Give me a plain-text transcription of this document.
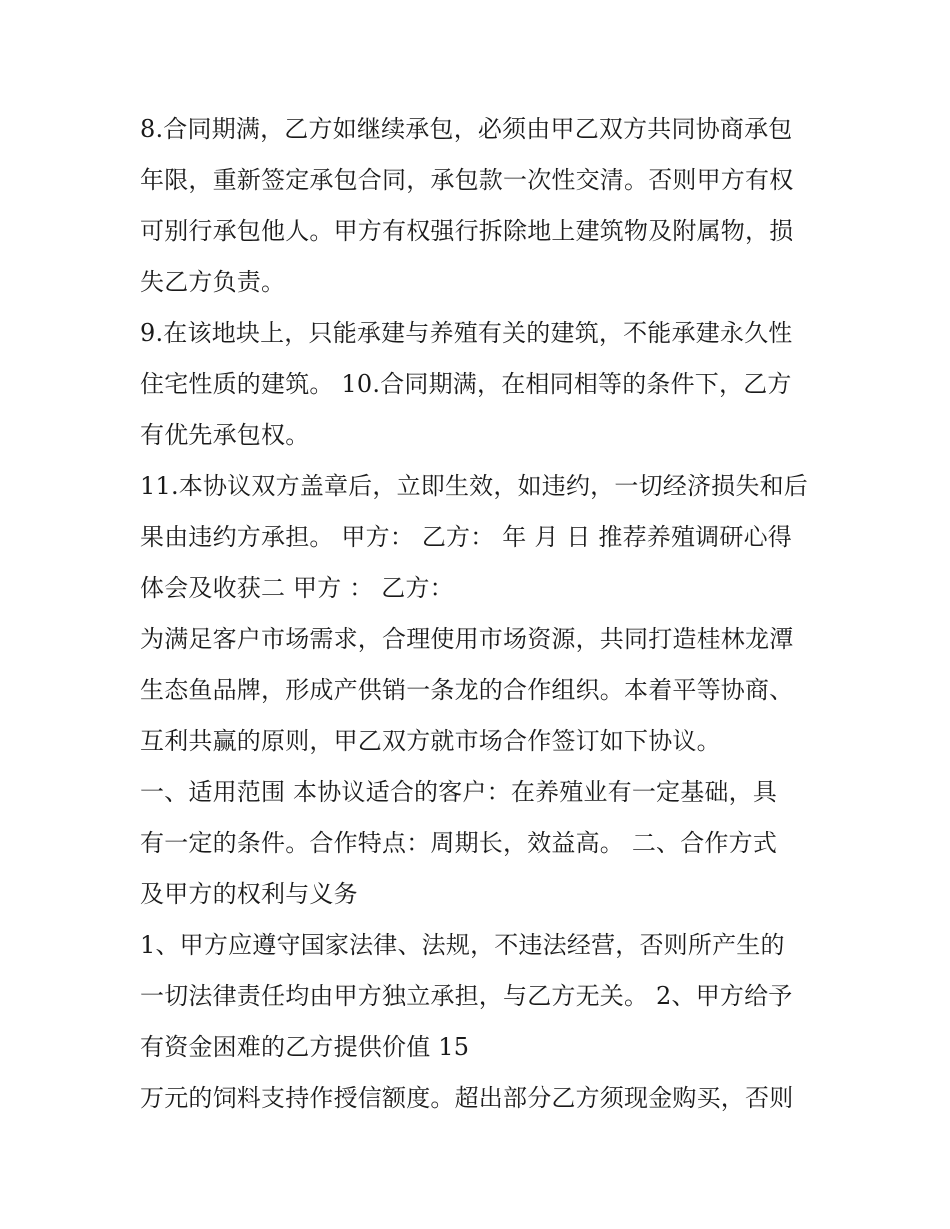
8.合同期满，乙方如继续承包，必须由甲乙双方共同协商承包
年限，重新签定承包合同，承包款一次性交清。否则甲方有权
可别行承包他人。甲方有权强行拆除地上建筑物及附属物，损
失乙方负责。
9.在该地块上，只能承建与养殖有关的建筑，不能承建永久性
住宅性质的建筑。 10.合同期满，在相同相等的条件下，乙方
有优先承包权。
11.本协议双方盖章后，立即生效，如违约，一切经济损失和后
果由违约方承担。 甲方： 乙方： 年 月 日 推荐养殖调研心得
体会及收获二 甲方 ： 乙方：
为满足客户市场需求，合理使用市场资源，共同打造桂林龙潭
生态鱼品牌，形成产供销一条龙的合作组织。本着平等协商、
互利共赢的原则，甲乙双方就市场合作签订如下协议。
一、适用范围 本协议适合的客户：在养殖业有一定基础，具
有一定的条件。合作特点：周期长，效益高。 二、合作方式
及甲方的权利与义务
1、甲方应遵守国家法律、法规，不违法经营，否则所产生的
一切法律责任均由甲方独立承担，与乙方无关。 2、甲方给予
有资金困难的乙方提供价值 15
万元的饲料支持作授信额度。超出部分乙方须现金购买，否则
